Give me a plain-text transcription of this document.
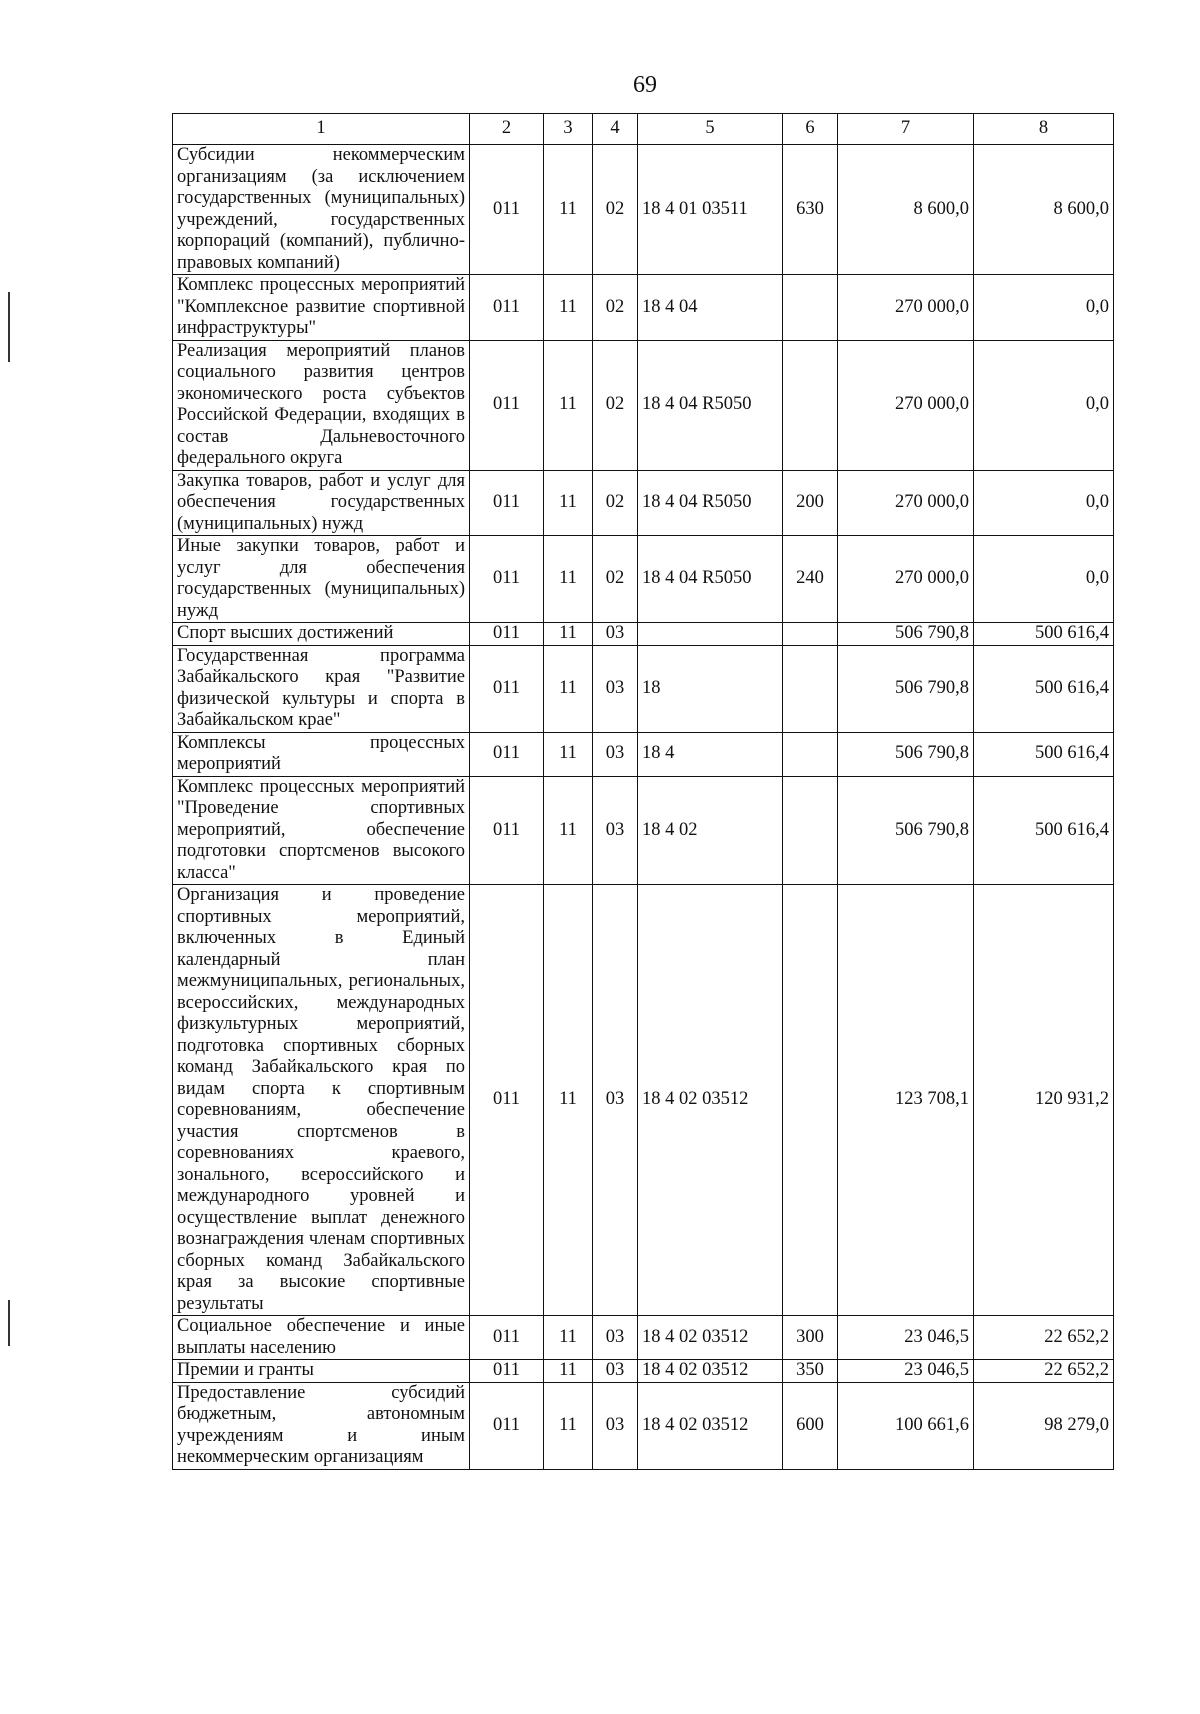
69
1	2	3	4	5	6	7	8
Субсидии некоммерческим организациям (за исключением государственных (муниципальных) учреждений, государственных корпораций (компаний), публично-правовых компаний)	011	11	02	18 4 01 03511	630	8 600,0	8 600,0
Комплекс процессных мероприятий "Комплексное развитие спортивной инфраструктуры"	011	11	02	18 4 04		270 000,0	0,0
Реализация мероприятий планов социального развития центров экономического роста субъектов Российской Федерации, входящих в состав Дальневосточного федерального округа	011	11	02	18 4 04 R5050		270 000,0	0,0
Закупка товаров, работ и услуг для обеспечения государственных (муниципальных) нужд	011	11	02	18 4 04 R5050	200	270 000,0	0,0
Иные закупки товаров, работ и услуг для обеспечения государственных (муниципальных) нужд	011	11	02	18 4 04 R5050	240	270 000,0	0,0
Спорт высших достижений	011	11	03			506 790,8	500 616,4
Государственная программа Забайкальского края "Развитие физической культуры и спорта в Забайкальском крае"	011	11	03	18		506 790,8	500 616,4
Комплексы процессных мероприятий	011	11	03	18 4		506 790,8	500 616,4
Комплекс процессных мероприятий "Проведение спортивных мероприятий, обеспечение подготовки спортсменов высокого класса"	011	11	03	18 4 02		506 790,8	500 616,4
Организация и проведение спортивных мероприятий, включенных в Единый календарный план межмуниципальных, региональных, всероссийских, международных физкультурных мероприятий, подготовка спортивных сборных команд Забайкальского края по видам спорта к спортивным соревнованиям, обеспечение участия спортсменов в соревнованиях краевого, зонального, всероссийского и международного уровней и осуществление выплат денежного вознаграждения членам спортивных сборных команд Забайкальского края за высокие спортивные результаты	011	11	03	18 4 02 03512		123 708,1	120 931,2
Социальное обеспечение и иные выплаты населению	011	11	03	18 4 02 03512	300	23 046,5	22 652,2
Премии и гранты	011	11	03	18 4 02 03512	350	23 046,5	22 652,2
Предоставление субсидий бюджетным, автономным учреждениям и иным некоммерческим организациям	011	11	03	18 4 02 03512	600	100 661,6	98 279,0
